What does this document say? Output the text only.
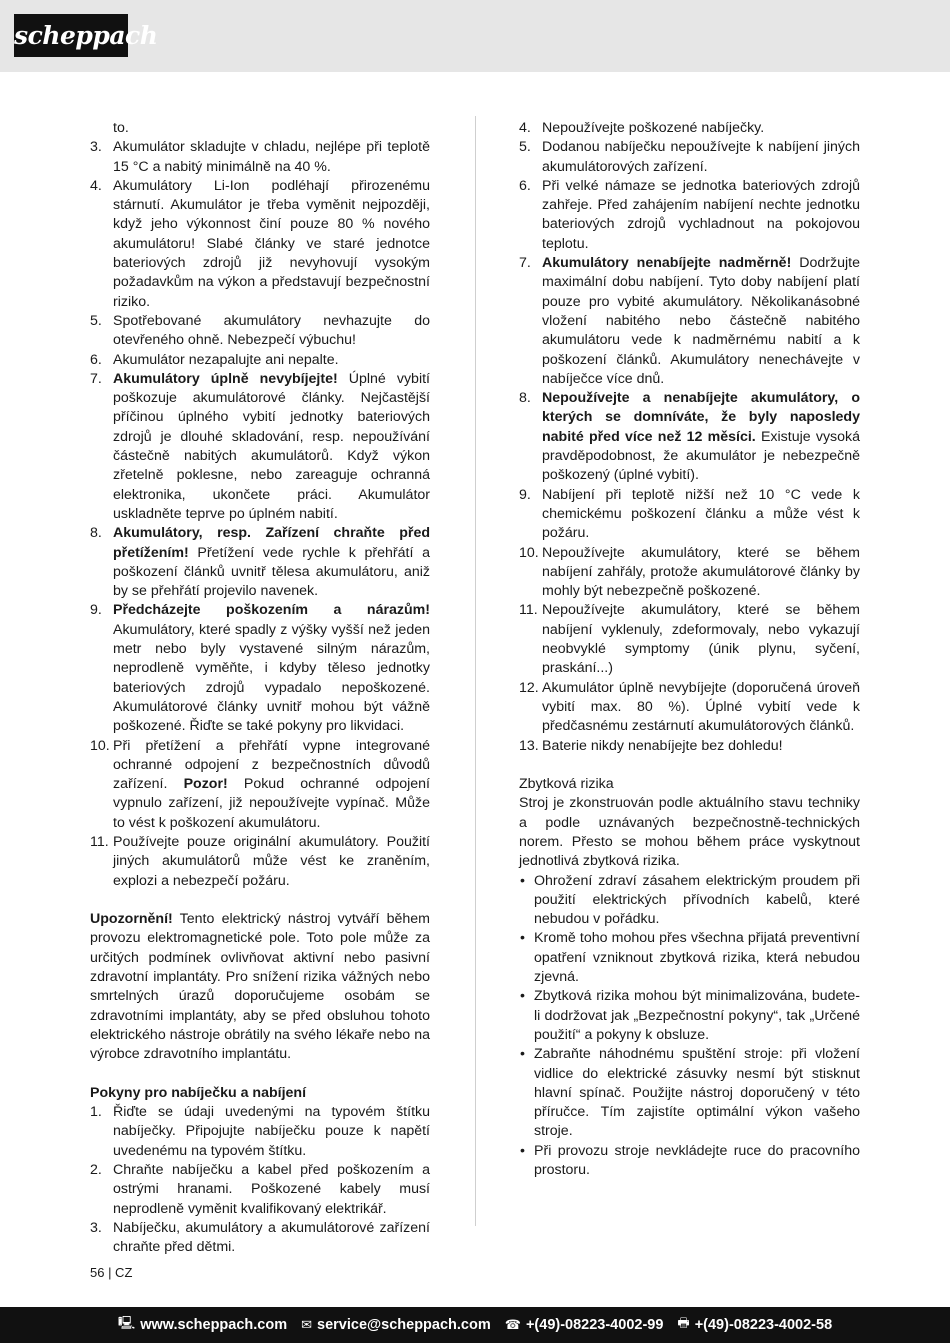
scheppach

to.

3. Akumulátor skladujte v chladu, nejlépe při teplotě 15 °C a nabitý minimálně na 40 %.
4. Akumulátory Li-Ion podléhají přirozenému stárnutí. Akumulátor je třeba vyměnit nejpozději, když jeho výkonnost činí pouze 80 % nového akumulátoru! Slabé články ve staré jednotce bateriových zdrojů již nevyhovují vysokým požadavkům na výkon a představují bezpečnostní riziko.
5. Spotřebované akumulátory nevhazujte do otevřeného ohně. Nebezpečí výbuchu!
6. Akumulátor nezapalujte ani nepalte.
7. Akumulátory úplně nevybíjejte! Úplné vybití poškozuje akumulátorové články. Nejčastější příčinou úplného vybití jednotky bateriových zdrojů je dlouhé skladování, resp. nepoužívání částečně nabitých akumulátorů. Když výkon zřetelně poklesne, nebo zareaguje ochranná elektronika, ukončete práci. Akumulátor uskladněte teprve po úplném nabití.
8. Akumulátory, resp. Zařízení chraňte před přetížením! Přetížení vede rychle k přehřátí a poškození článků uvnitř tělesa akumulátoru, aniž by se přehřátí projevilo navenek.
9. Předcházejte poškozením a nárazům! Akumulátory, které spadly z výšky vyšší než jeden metr nebo byly vystavené silným nárazům, neprodleně vyměňte, i kdyby těleso jednotky bateriových zdrojů vypadalo nepoškozené. Akumulátorové články uvnitř mohou být vážně poškozené. Řiďte se také pokyny pro likvidaci.
10. Při přetížení a přehřátí vypne integrované ochranné odpojení z bezpečnostních důvodů zařízení. Pozor! Pokud ochranné odpojení vypnulo zařízení, již nepoužívejte vypínač. Může to vést k poškození akumulátoru.
11. Používejte pouze originální akumulátory. Použití jiných akumulátorů může vést ke zraněním, explozi a nebezpečí požáru.

Upozornění! Tento elektrický nástroj vytváří během provozu elektromagnetické pole. Toto pole může za určitých podmínek ovlivňovat aktivní nebo pasivní zdravotní implantáty. Pro snížení rizika vážných nebo smrtelných úrazů doporučujeme osobám se zdravotními implantáty, aby se před obsluhou tohoto elektrického nástroje obrátily na svého lékaře nebo na výrobce zdravotního implantátu.

Pokyny pro nabíječku a nabíjení

1. Řiďte se údaji uvedenými na typovém štítku nabíječky. Připojujte nabíječku pouze k napětí uvedenému na typovém štítku.
2. Chraňte nabíječku a kabel před poškozením a ostrými hranami. Poškozené kabely musí neprodleně vyměnit kvalifikovaný elektrikář.
3. Nabíječku, akumulátory a akumulátorové zařízení chraňte před dětmi.
4. Nepoužívejte poškozené nabíječky.
5. Dodanou nabíječku nepoužívejte k nabíjení jiných akumulátorových zařízení.
6. Při velké námaze se jednotka bateriových zdrojů zahřeje. Před zahájením nabíjení nechte jednotku bateriových zdrojů vychladnout na pokojovou teplotu.
7. Akumulátory nenabíjejte nadměrně! Dodržujte maximální dobu nabíjení. Tyto doby nabíjení platí pouze pro vybité akumulátory. Několikanásobné vložení nabitého nebo částečně nabitého akumulátoru vede k nadměrnému nabití a k poškození článků. Akumulátory nenechávejte v nabíječce více dnů.
8. Nepoužívejte a nenabíjejte akumulátory, o kterých se domníváte, že byly naposledy nabité před více než 12 měsíci. Existuje vysoká pravděpodobnost, že akumulátor je nebezpečně poškozený (úplné vybití).
9. Nabíjení při teplotě nižší než 10 °C vede k chemickému poškození článku a může vést k požáru.
10. Nepoužívejte akumulátory, které se během nabíjení zahřály, protože akumulátorové články by mohly být nebezpečně poškozené.
11. Nepoužívejte akumulátory, které se během nabíjení vyklenuly, zdeformovaly, nebo vykazují neobvyklé symptomy (únik plynu, syčení, praskání...)
12. Akumulátor úplně nevybíjejte (doporučená úroveň vybití max. 80 %). Úplné vybití vede k předčasnému zestárnutí akumulátorových článků.
13. Baterie nikdy nenabíjejte bez dohledu!

Zbytková rizika

Stroj je zkonstruován podle aktuálního stavu techniky a podle uznávaných bezpečnostně-technických norem. Přesto se mohou během práce vyskytnout jednotlivá zbytková rizika.

• Ohrožení zdraví zásahem elektrickým proudem při použití elektrických přívodních kabelů, které nebudou v pořádku.
• Kromě toho mohou přes všechna přijatá preventivní opatření vzniknout zbytková rizika, která nebudou zjevná.
• Zbytková rizika mohou být minimalizována, budete-li dodržovat jak „Bezpečnostní pokyny“, tak „Určené použití“ a pokyny k obsluze.
• Zabraňte náhodnému spuštění stroje: při vložení vidlice do elektrické zásuvky nesmí být stisknut hlavní spínač. Použijte nástroj doporučený v této příručce. Tím zajistíte optimální výkon vašeho stroje.
• Při provozu stroje nevkládejte ruce do pracovního prostoru.
56 | CZ
🖳 www.scheppach.com ✉ service@scheppach.com ☎ +(49)-08223-4002-99 🖶 +(49)-08223-4002-58
